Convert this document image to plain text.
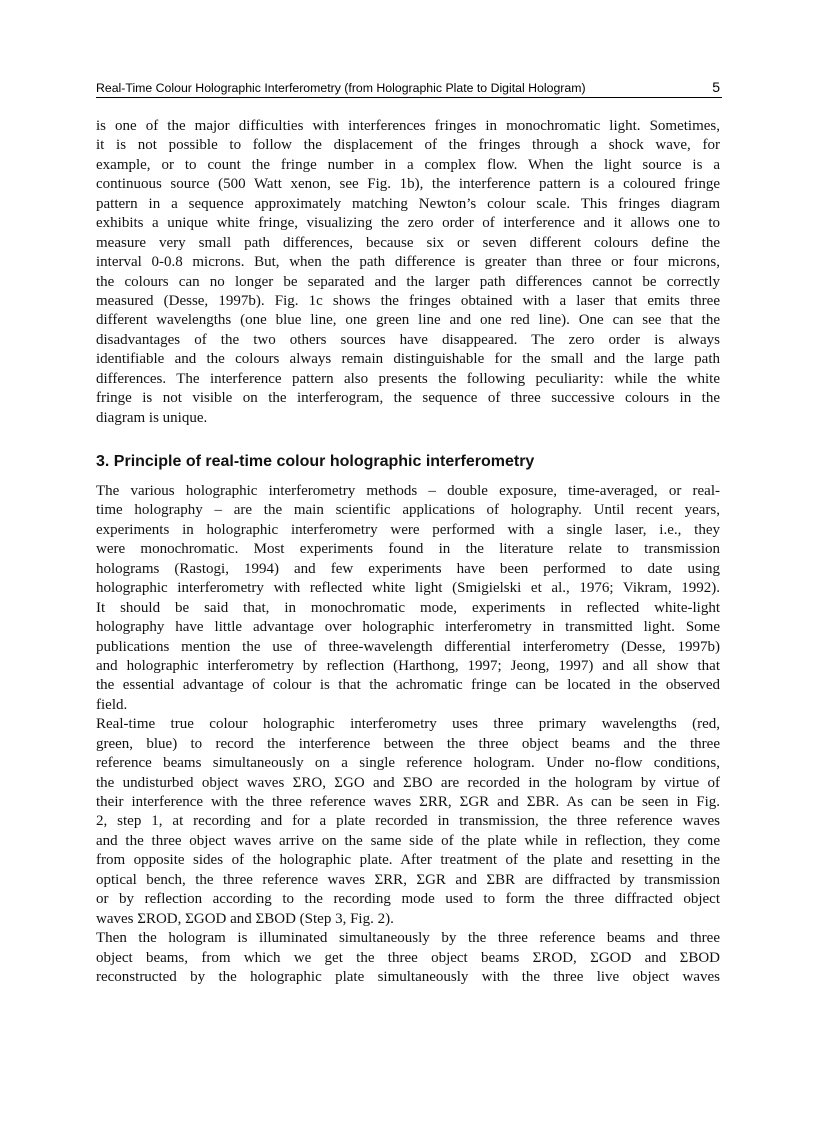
Real-Time Colour Holographic Interferometry (from Holographic Plate to Digital Hologram)	5
is one of the major difficulties with interferences fringes in monochromatic light. Sometimes,
it is not possible to follow the displacement of the fringes through a shock wave, for
example, or to count the fringe number in a complex flow. When the light source is a
continuous source (500 Watt xenon, see Fig. 1b), the interference pattern is a coloured fringe
pattern in a sequence approximately matching Newton’s colour scale. This fringes diagram
exhibits a unique white fringe, visualizing the zero order of interference and it allows one to
measure very small path differences, because six or seven different colours define the
interval 0-0.8 microns. But, when the path difference is greater than three or four microns,
the colours can no longer be separated and the larger path differences cannot be correctly
measured (Desse, 1997b). Fig. 1c shows the fringes obtained with a laser that emits three
different wavelengths (one blue line, one green line and one red line). One can see that the
disadvantages of the two others sources have disappeared. The zero order is always
identifiable and the colours always remain distinguishable for the small and the large path
differences. The interference pattern also presents the following peculiarity: while the white
fringe is not visible on the interferogram, the sequence of three successive colours in the
diagram is unique.
3. Principle of real-time colour holographic interferometry
The various holographic interferometry methods – double exposure, time-averaged, or real-
time holography – are the main scientific applications of holography. Until recent years,
experiments in holographic interferometry were performed with a single laser, i.e., they
were monochromatic. Most experiments found in the literature relate to transmission
holograms (Rastogi, 1994) and few experiments have been performed to date using
holographic interferometry with reflected white light (Smigielski et al., 1976; Vikram, 1992).
It should be said that, in monochromatic mode, experiments in reflected white-light
holography have little advantage over holographic interferometry in transmitted light. Some
publications mention the use of three-wavelength differential interferometry (Desse, 1997b)
and holographic interferometry by reflection (Harthong, 1997; Jeong, 1997) and all show that
the essential advantage of colour is that the achromatic fringe can be located in the observed
field.
Real-time true colour holographic interferometry uses three primary wavelengths (red,
green, blue) to record the interference between the three object beams and the three
reference beams simultaneously on a single reference hologram. Under no-flow conditions,
the undisturbed object waves ΣRO, ΣGO and ΣBO are recorded in the hologram by virtue of
their interference with the three reference waves ΣRR, ΣGR and ΣBR. As can be seen in Fig.
2, step 1, at recording and for a plate recorded in transmission, the three reference waves
and the three object waves arrive on the same side of the plate while in reflection, they come
from opposite sides of the holographic plate. After treatment of the plate and resetting in the
optical bench, the three reference waves ΣRR, ΣGR and ΣBR are diffracted by transmission
or by reflection according to the recording mode used to form the three diffracted object
waves ΣROD, ΣGOD and ΣBOD (Step 3, Fig. 2).
Then the hologram is illuminated simultaneously by the three reference beams and three
object beams, from which we get the three object beams ΣROD, ΣGOD and ΣBOD
reconstructed by the holographic plate simultaneously with the three live object waves
